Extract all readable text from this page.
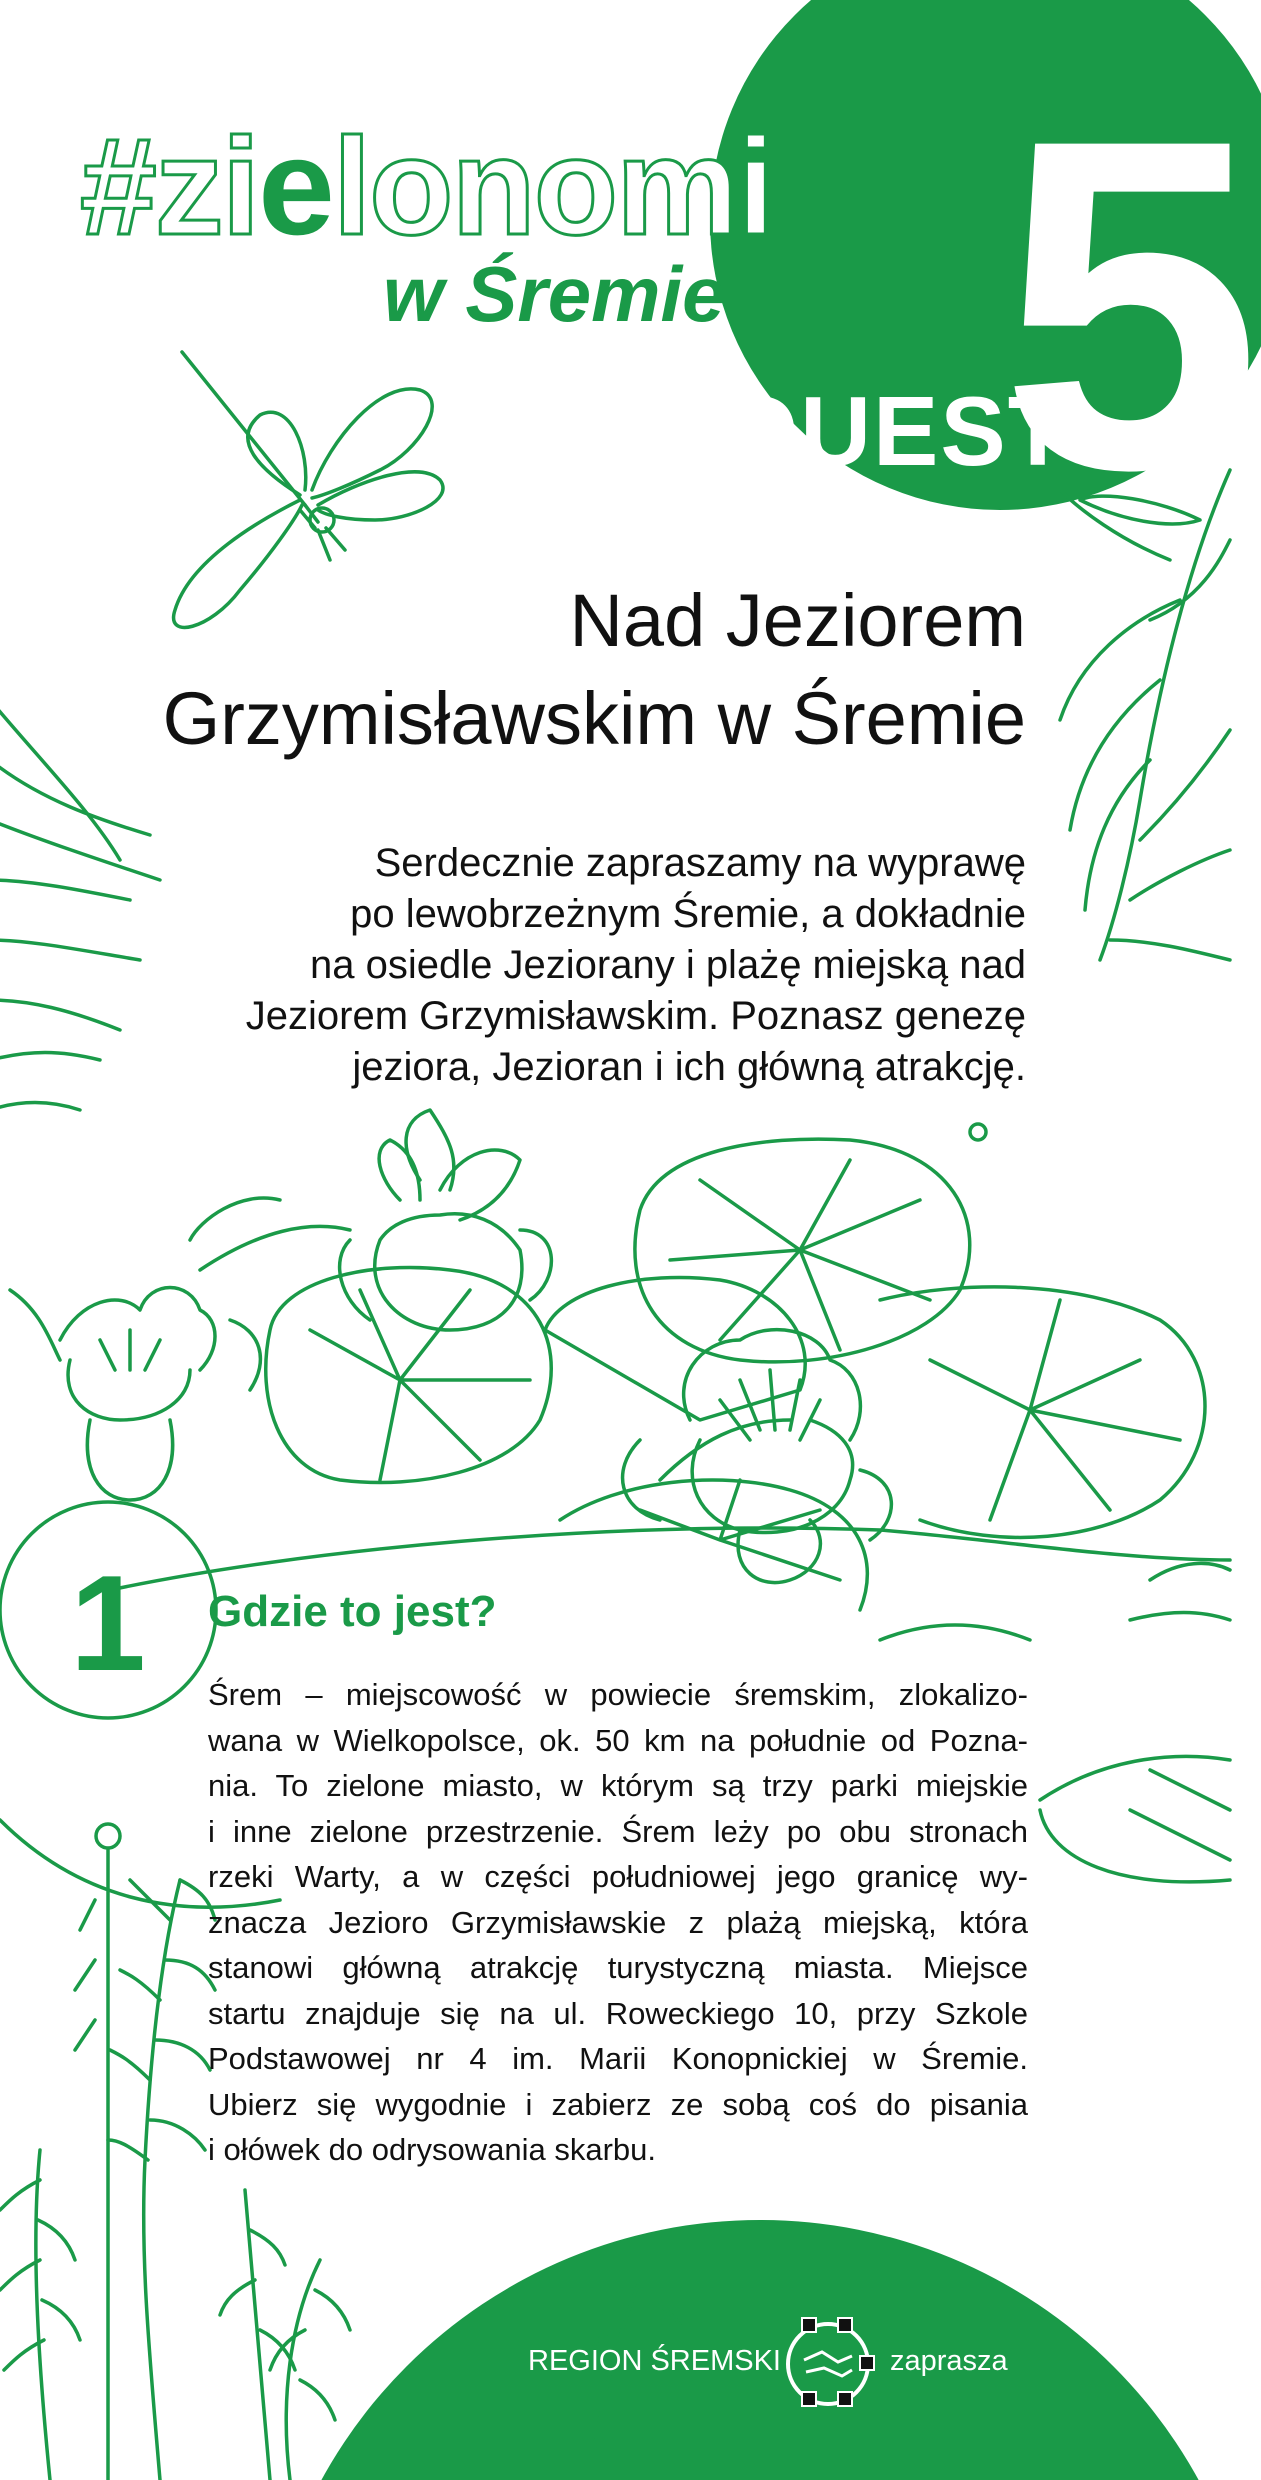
#zielonomi
w Śremie 5
QUEST
Nad Jeziorem
Grzymisławskim w Śremie
Serdecznie zapraszamy na wyprawę
po lewobrzeżnym Śremie, a dokładnie
na osiedle Jeziorany i plażę miejską nad
Jeziorem Grzymisławskim. Poznasz genezę
jeziora, Jezioran i ich główną atrakcję.
1	Gdzie to jest?
Śrem – miejscowość w powiecie śremskim, zlokalizo-
wana w Wielkopolsce, ok. 50 km na południe od Pozna-
nia. To zielone miasto, w którym są trzy parki miejskie
i inne zielone przestrzenie. Śrem leży po obu stronach
rzeki Warty, a w części południowej jego granicę wy-
znacza Jezioro Grzymisławskie z plażą miejską, która
stanowi główną atrakcję turystyczną miasta. Miejsce
startu znajduje się na ul. Roweckiego 10, przy Szkole
Podstawowej nr 4 im. Marii Konopnickiej w Śremie.
Ubierz się wygodnie i zabierz ze sobą coś do pisania
i ołówek do odrysowania skarbu.
REGION ŚREMSKI	zaprasza
